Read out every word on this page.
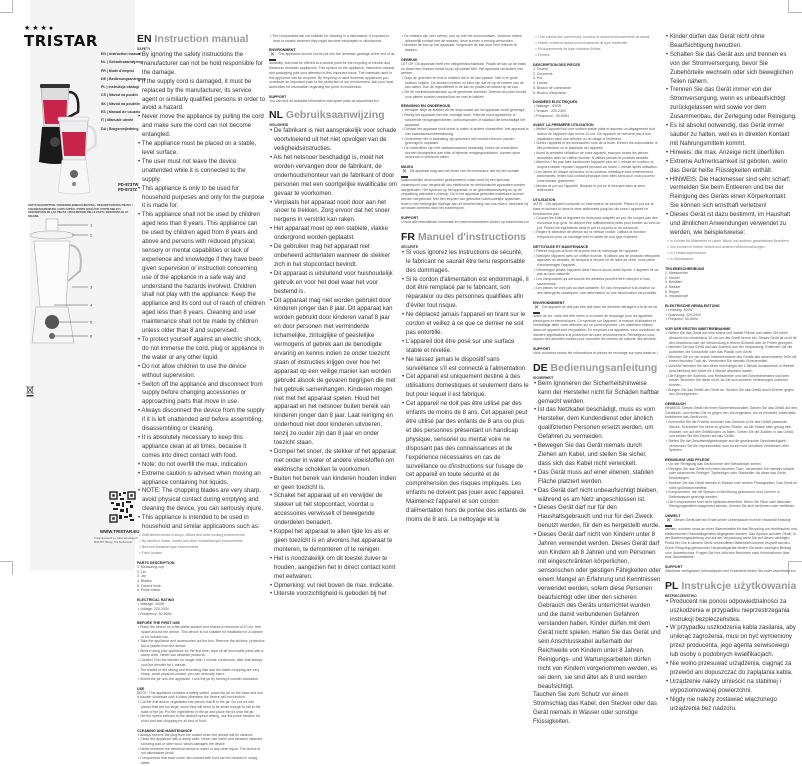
★★★●
TRISTAR
EN | Instruction manual
NL | Gebruiksaanwijzing
FR | Mode d'emploi
DE | Bedienungsanleitung
PL | Instrukcja obsługi
CS | Návod na použití
SK | Návod na použitie
ES | Manual de usuario
IT | Manuale utente
DA | Brugervejledning
PD-8737W
PD-8737Z
PARTS DESCRIPTION / ONDERDELENBESCHRIJVING / DESCRIPTION DES PIÈCES / TEILEBESCHREIBUNG / OPIS CZĘŚCI / POPIS SOUČÁSTÍ / POPIS DIELOV / DESCRIPCIÓN DE LAS PIEZAS / DESCRIZIONE DELLE PARTI / BESKRIVELSE AF DELENE
1
2
3
4
5
6
WWW.TRISTAR.EU
Tristar Europe B.V. | Jules Verneweg 87
5015 BH Tilburg | The Netherlands
EN Instruction manual
SAFETY
• By ignoring the safety instructions the manufacturer can not be hold responsible for the damage.
• If the supply cord is damaged, it must be replaced by the manufacturer, its service agent or similarly qualified persons in order to avoid a hazard.
• Never move the appliance by pulling the cord and make sure the cord can not become entangled.
• The appliance must be placed on a stable, level surface.
• The user must not leave the device unattended while it is connected to the supply.
• This appliance is only to be used for household purposes and only for the purpose it is made for.
• This appliance shall not be used by children aged less than 8 years. This appliance can be used by children aged from 8 years and above and persons with reduced physical, sensory or mental capabilities or lack of experience and knowledge if they have been given supervision or instruction concerning use of the appliance in a safe way and understand the hazards involved. Children shall not play with the appliance. Keep the appliance and its cord out of reach of children aged less than 8 years. Cleaning and user maintenance shall not be made by children unless older than 8 and supervised.
• To protect yourself against an electric shock, do not immerse the cord, plug or appliance in the water or any other liquid.
• Do not allow children to use the device without supervision.
• Switch off the appliance and disconnect from supply before changing accessories or approaching parts that move in use.
• Always disconnect the device from the supply if it is left unattended and before assembling, disassembling or cleaning.
• It is absolutely necessary to keep this appliance clean at all times, because it comes into direct contact with food.
• Note: do not overfill the max. indication
• Extreme caution is advised when moving an appliance containing hot liquids.
• NOTE: The chopping blades are very sharp, avoid physical contact during emptying and cleaning the device, you can seriously injure.
• This appliance is intended to be used in household and similar applications such as:
□ Staff kitchen areas in shops, offices and other working environments.
□ By clients in hotels, motels and other residential type environments.
□ Bed and breakfast type environments.
□ Farm houses.
PARTS DESCRIPTION
1. Measuring cup
2. Lid
3. Jar
4. Blades
5. Control knob
6. Pulse button
ELECTRICAL RATING
• Wattage: 400W
• Voltage: 220-240V
• Frequency: 50-60Hz
BEFORE THE FIRST USE
• Place the device on a flat stable surface and ensure a minimum of 10 cm. free space around the device. This device is not suitable for installation in a cabinet or for outside use.
• Take the appliance and accessories out the box. Remove the stickers, protective foil or plastic from the device.
• Before using your appliance for the first time, wipe off all removable parts with a damp cloth. Never use abrasive products.
• Caution! Run the blender no longer than 1 minute continuous, after that always cool the blender for 1 minute.
• The blades of the slicing and shredding disk and the blade chopping are very sharp, avoid physical contact, you can seriously injure.
• Mount the jar onto the appliance. Lock the jar by turning it counter clockwise.
USE
NOTE: This appliance contains a safety switch, place the jar on the base and turn it counter clockwise until it clicks otherwise the device will not function.
• Cut the fruit and/or vegetables into pieces that fit in the jar. Do not cut into pieces that are too large, since they will need to be small enough to fall to the base of the jar. Put the ingredients in the jar and place the lid onto the jar.
• Set the speed selector to the desired speed setting, use the pulse function for short and fast chopping for all kind of food.
CLEANING AND MAINTENANCE
• Always remove the plug from the socket when the device will be cleaned.
• Clean the appliance with a damp cloth. Never use harsh and abrasive cleaners, scouring pad or steel wool, which damages the device.
• Never immerse the electrical device in water or any other liquid. The device is not dishwasher proof.
• Components that have come into contact with food can be cleaned in soapy water.
• The components are not suitable for cleaning in a dishwasher. If exposed to heat or caustic cleaners they might become misshapen or discoloured.
ENVIRONMENT
✕ This appliance should not be put into the domestic garbage at the end of its durability, but must be offered at a central point for the recycling of electric and electronic domestic appliances. This symbol on the appliance, instruction manual and packaging puts your attention to this important issue. The materials used in this appliance can be recycled. By recycling of used domestic appliances you contribute an important push to the protection of our environment. Ask your local authorities for information regarding the point of recollection.
SUPPORT
You can find all available information and spare parts at www.tristar.eu!
NL Gebruiksaanwijzing
VEILIGHEID
• De fabrikant is niet aansprakelijk voor schade voortvloeiend uit het niet opvolgen van de veiligheidsinstructies.
• Als het netsnoer beschadigd is, moet het worden vervangen door de fabrikant, de onderhoudsmonteur van de fabrikant of door personen met een soortgelijke kwalificatie om gevaar te voorkomen.
• Verplaats het apparaat nooit door aan het snoer te trekken. Zorg ervoor dat het snoer nergens in verstrikt kan raken.
• Het apparaat moet op een stabiele, vlakke ondergrond worden geplaatst.
• De gebruiker mag het apparaat niet onbeheerd achterlaten wanneer de stekker zich in het stopcontact bevindt.
• Dit apparaat is uitsluitend voor huishoudelijk gebruik en voor het doel waar het voor bestemd is.
• Dit apparaat mag niet worden gebruikt door kinderen jonger dan 8 jaar. Dit apparaat kan worden gebruikt door kinderen vanaf 8 jaar en door personen met verminderde lichamelijke, zintuiglijke of geestelijke vermogens of gebrek aan de benodigde ervaring en kennis indien ze onder toezicht staan of instructies krijgen over hoe het apparaat op een veilige manier kan worden gebruikt alsook de gevaren begrijpen die met het gebruik samenhangen. Kinderen mogen niet met het apparaat spelen. Houd het apparaat en het netsnoer buiten bereik van kinderen jonger dan 8 jaar. Laat reiniging en onderhoud niet door kinderen uitvoeren, tenzij ze ouder zijn dan 8 jaar en onder toezicht staan.
• Dompel het snoer, de stekker of het apparaat niet onder in water of andere vloeistoffen om elektrische schokken te voorkomen.
• Buiten het bereik van kinderen houden indien er geen toezicht is.
• Schakel het apparaat uit en verwijder de stekker uit het stopcontact, voordat u accessoires verwisselt of bewegende onderdelen benadert.
• Koppel het apparaat te allen tijde los als er geen toezicht is en alvorens het apparaat te monteren, te demonteren of te reinigen.
• Het is noodzakelijk om dit toestel zuiver te houden, aangezien het in direct contact komt met eetwaren.
• Opmerking: vul niet boven de max. indicatie.
• Uiterste voorzichtigheid is geboden bij het
• De messen zijn zeer scherp, pas op met het schoonmaken. Voorkom iedere lichamelijk contact met de messen, deze kunnen u ernstig verwonden.
• Monteer de kan op het apparaat. Vergrendel de kan door hem linksom te draaien.
GEBRUIK
LET OP: Dit apparaat heeft een veiligheidsschakelaar. Plaats de kan op de basis en draai hem linksom totdat hij op zijn plaats klikt. Het apparaat zal anders niet werken.
• Snijd de groenten en fruit in stukken die in de kan passen. Niet in te grote stukken snijden. De stukken moeten zo klein zijn dat ze op de bodem van de kan vallen. Doe de ingrediënten in de kan en plaats het deksel op de kan.
• Zet de snelheidsschakelaar op de gewenste snelheid. Gebruik de pulse-functie voor allerlei soorten voedsel kort en snel te hakken.
REINIGING EN ONDERHOUD
• Verwijder altijd de stekker uit het stopcontact als het apparaat wordt gereinigd.
• Reinig het apparaat met een vochtige doek. Gebruik nooit agressieve of schurende reinigingsmiddelen, schuursponzen of staalwol die beschadigd het apparaat.
• Dompel het apparaat nooit onder in water of andere vloeistoffen. Het apparaat is niet vaatwasmachinebestendig.
• Onderdelen die in aanraking zijn gekomen met voedsel kunnen worden gereinigd in sopwater.
• De onderdelen zijn niet vaatwasmachine bestendig. Indien de onderdelen worden blootgesteld aan hitte of bijtende reinigingsmiddelen, kunnen deze vervormd of verkleurd raken.
MILIEU
✕ Dit apparaat mag aan het einde van de levensduur niet bij het normale huishoudelijke afval worden gedeponeerd, maar moet bij een speciaal inzamelpunt voor hergebruik van elektrische en elektronische apparaten worden aangeboden. Het symbool op het apparaat, in de gebruiksaanwijzing en op de verpakking attendeert u hierop. De in het apparaat gebruikte materialen kunnen worden hergebruikt. Met het recyclen van gebruikte huishoudelijke apparaten levert u een belangrijke bijdrage aan de bescherming van ons milieu. Informeer bij uw lokale overheid naar het inzamelpunt.
SUPPORT
U kunt alle beschikbare informatie en reserveonderdelen vinden op www.tristar.eu!
FR Manuel d'instructions
SÉCURITÉ
• Si vous ignorez les instructions de sécurité, le fabricant ne saurait être tenu responsable des dommages.
• Si le cordon d'alimentation est endommagé, il doit être remplacé par le fabricant, son réparateur ou des personnes qualifiées afin d'éviter tout risque.
• Ne déplacez jamais l'appareil en tirant sur le cordon et veillez à ce que ce dernier ne soit pas entortillé.
• L'appareil doit être posé sur une surface stable et nivelée.
• Ne laissez jamais le dispositif sans surveillance s'il est connecté à l'alimentation.
• Cet appareil est uniquement destiné à des utilisations domestiques et seulement dans le but pour lequel il est fabriqué.
• Cet appareil ne doit pas être utilisé par des enfants de moins de 8 ans. Cet appareil peut être utilisé par des enfants de 8 ans ou plus et des personnes présentant un handicap physique, sensoriel ou mental voire ne disposant pas des connaissances et de l'expérience nécessaires en cas de surveillance ou d'instructions sur l'usage de cet appareil en toute sécurité et de compréhension des risques impliqués. Les enfants ne doivent pas jouer avec l'appareil. Maintenez l'appareil et son cordon d'alimentation hors de portée des enfants de moins de 8 ans. Le nettoyage et la
□ Coin cuisine des commerces, bureaux et autres environnements de travail.
□ Hôtels, motels et autres environnements de type résidentiel.
□ Environnements de type chambre d'hôtes.
□ Fermes.
DESCRIPTION DES PIÈCES
1. Doseur
2. Couvercle
3. Pot
4. Lames
5. Bouton de commande
6. Bouton d'impulsion
DONNÉES ÉLECTRIQUES
• Wattage : 400W
• Tension : 220-240V
• Fréquence : 50-60Hz
AVANT LA PREMIÈRE UTILISATION
• Mettez l'appareil sur une surface stable plate et assurez un dégagement tout autour de l'appareil d'au moins 10 cm. Cet appareil ne convient pas à une installation dans une armoire ou un usage à l'extérieur.
• Sortez l'appareil et les accessoires hors de la boîte. Retirez les autocollants, le film protecteur ou le plastique de l'appareil.
• Avant la première utilisation de votre appareil, essuyez toutes les pièces amovibles avec un chiffon humide. N'utilisez jamais de produits abrasifs.
• Attention ! Ne pas faire fonctionner l'appareil plus de 1 minute en continu, et toujours laisser reposer l'appareil pendant au moins 1 minute après utilisation.
• Les lames du disque éplucheur et du couteau métallique sont extrêmement tranchantes, évitez tout contact physique avec elles sans quoi vous pourriez vous blesser gravement.
• Montez le pot sur l'appareil. Bloquez le pot en le tournant dans le sens antihoraire.
UTILISATION
NOTE : Cet appareil comporte un interrupteur de sécurité. Placez le pot sur la base et tournez-le dans le sens antihoraire jusqu'au clic sinon l'appareil ne fonctionnera pas.
• Coupez les fruits et légumes en morceaux adaptés au pot. Ne coupez pas des morceaux trop gros. Ils doivent être suffisamment petits pour tomber au fond du pot. Placez les ingrédients dans le pot et couvrez-le du couvercle.
• Réglez le sélecteur de vitesse sur la vitesse voulue. Utilisez la fonction d'impulsion pour un hachage bref et rapide de tout type d'aliment.
NETTOYAGE ET MAINTENANCE
• Retirez toujours la fiche de la prise lors du nettoyage de l'appareil.
• Nettoyez l'appareil avec un chiffon humide. N'utilisez pas de produits nettoyants agressifs ou abrasifs, de tampons à récurer ou de laine de verre, sous peine d'endommager l'appareil.
• N'immergez jamais l'appareil dans l'eau ni aucun autre liquide. L'appareil ne va pas au lave-vaisselle.
• Les composants qui ont touché les aliments peuvent être nettoyés à l'eau savonneuse.
• Les pièces ne vont pas au lave-vaisselle. En cas d'exposition à la chaleur ou des détergents caustiques, une déformation ou une décoloration est possible.
ENVIRONNEMENT
✕ Cet appareil ne doit pas être jeté avec les déchets ménagers à la fin de sa durée de vie, mais doit être remis à un centre de recyclage pour les appareils électriques et électroniques. Ce symbole sur l'appareil, le manuel d'utilisation et l'emballage attire votre attention sur ce point important. Les matériaux utilisés dans cet appareil sont recyclables. En recyclant vos appareils, vous contribuez de manière significative à la protection de notre environnement. Renseignez-vous auprès des autorités locales pour connaître les centres de collecte des déchets.
SUPPORT
Vous trouverez toutes les informations et pièces de rechange sur www.tristar.eu !
DE Bedienungsanleitung
SICHERHEIT
• Beim Ignorieren der Sicherheitshinweise kann der Hersteller nicht für Schäden haftbar gemacht werden.
• Ist das Netzkabel beschädigt, muss es vom Hersteller, dem Kundendienst oder ähnlich qualifizierten Personen ersetzt werden, um Gefahren zu vermeiden.
• Bewegen Sie das Gerät niemals durch Ziehen am Kabel, und stellen Sie sicher, dass sich das Kabel nicht verwickelt.
• Das Gerät muss auf einer ebenen, stabilen Fläche platziert werden.
• Das Gerät darf nicht unbeaufsichtigt bleiben, während es am Netz angeschlossen ist.
• Dieses Gerät darf nur für den Haushaltsgebrauch und nur für den Zweck benutzt werden, für den es hergestellt wurde.
• Dieses Gerät darf nicht von Kindern unter 8 Jahren verwendet werden. Dieses Gerät darf von Kindern ab 8 Jahren und von Personen mit eingeschränkten körperlichen, sensorischen oder geistigen Fähigkeiten oder einem Mangel an Erfahrung und Kenntnissen verwendet werden, sofern diese Personen beaufsichtigt oder über den sicheren Gebrauch des Geräts unterrichtet wurden und die damit verbundenen Gefahren verstanden haben. Kinder dürfen mit dem Gerät nicht spielen. Halten Sie das Gerät und sein Anschlusskabel außerhalb der Reichweite von Kindern unter 8 Jahren. Reinigungs- und Wartungsarbeiten dürfen nicht von Kindern vorgenommen werden, es sei denn, sie sind älter als 8 und werden beaufsichtigt.
Tauchen Sie zum Schutz vor einem Stromschlag das Kabel, den Stecker oder das Gerät niemals in Wasser oder sonstige Flüssigkeiten.
• Kinder dürfen das Gerät nicht ohne Beaufsichtigung benutzen.
• Schalten Sie das Gerät aus und trennen es von der Stromversorgung, bevor Sie Zubehörteile wechseln oder sich beweglichen Teilen nähern.
• Trennen Sie das Gerät immer von der Stromversorgung, wenn es unbeaufsichtigt zurückgelassen wird sowie vor dem Zusammenbau, der Zerlegung oder Reinigung.
• Es ist absolut notwendig, das Gerät immer sauber zu halten, weil es in direkten Kontakt mit Nahrungsmitteln kommt.
• Hinweis: die max. Anzeige nicht überfüllen
• Extreme Aufmerksamkeit ist geboten, wenn das Gerät heiße Flüssigkeiten enthält.
• HINWEIS: Die Hackmesser sind sehr scharf; vermeiden Sie beim Entleeren und bei der Reinigung des Geräts einen Körperkontakt. Sie können sich ernsthaft verletzen!
• Dieses Gerät ist dazu bestimmt, im Haushalt und ähnlichen Anwendungen verwendet zu werden, wie beispielsweise:
□ In Küchen für Mitarbeiter in Läden, Büros und anderen gewerblichen Bereichen.
□ Von Kunden in Hotels, Motels und anderen Wohneinrichtungen.
□ In Frühstückspensionen.
□ In Gutshäusern.
TEILEBESCHREIBUNG
1. Messbecher
2. Deckel
3. Behälter
4. Messer
5. Regler
6. Impulsknopf
ELEKTRISCHE NENNLEISTUNG
• Leistung: 400W
• Spannung: 220-240V
• Frequenz: 50-60Hz
VOR DER ERSTEN INBETRIEBNAHME
• Stellen Sie das Gerät auf eine ebene und stabile Fläche und halten Sie einen Abstand von mindestens 10 cm um das Gerät herum ein. Dieses Gerät ist nicht für den Anschluss oder die Verwendung in einem Schrank oder im Freien geeignet.
• Nehmen Sie das Gerät und das Zubehör aus der Verpackung. Entfernen Sie die Aufkleber, die Schutzfolie oder das Plastik vom Gerät.
• Wischen Sie vor der ersten Inbetriebnahme des Geräts alle abnehmbaren Teile mit einem feuchten Tuch ab. Verwenden Sie niemals Scheuermittel.
• Vorsicht! Nehmen Sie den Mixer nicht länger als 1 Minute kontinuierlich in Betrieb. Anschließend den Mixer für 1 Minute abkühlen lassen.
• Die Klingen der Schneid- und Reibscheibe und des Schneidmessers sind sehr scharf. Berühren Sie diese nicht, da Sie sich schwere Verletzungen zuziehen können.
• Bringen Sie das Gefäß am Gerät an. Sichern Sie das Gefäß durch Drehen gegen den Uhrzeigersinn.
GEBRAUCH
HINWEIS: Dieses Gerät hat einen Sicherheitsschalter. Setzen Sie das Gefäß auf den Gerätefuß, und drehen Sie es gegen den Uhrzeigersinn, bis es einrastet; andernfalls funktioniert das Gerät nicht.
• Schneiden Sie die Früchte und/oder das Gemüse in für das Gefäß passende Stücke. Schneiden Sie keine zu großen Stücke, da die Stücke klein genug sein müssen, um auf den Gefäßboden zu fallen. Geben Sie die Zutaten in das Gefäß und setzen Sie den Deckel auf das Gefäß.
• Stellen Sie die Geschwindigkeitsregler auf die gewünschte Geschwindigkeit; verwenden Sie die Impulsfunktion zum kurzen und schnellen Zerkleinern aller Speisen.
REINIGUNG UND PFLEGE
• Vor der Reinigung das Gerät immer den Netzstecker ziehen.
• Reinigen Sie das Gerät mit einem feuchten Tuch. Verwenden Sie niemals scharfe oder scheuernde Reiniger, Topfreiniger oder Stahlwolle, da diese das Gerät beschädigen.
• Tauchen Sie das Gerät niemals in Wasser oder andere Flüssigkeiten. Das Gerät ist nicht spülmaschinenfest.
• Komponenten, die mit Speisen in Berührung gekommen sind, können in Seifenwasser gereinigt werden.
• Die Komponenten sind nicht spülmaschinenfest. Wenn Sie Hitze oder ätzenden Reinigungsmitteln ausgesetzt werden, können Sie sich verformen oder verfärben.
UMWELT
✕ Dieses Gerät darf am Ende seiner Lebensdauer nicht im Hausmüll entsorgt werden, sondern muss an einer Sammelstelle für das Recycling von elektrischen und elektronischen Haushaltsgeräten abgegeben werden. Das Symbol auf dem Gerät, in der Bedienungsanleitung und auf der Verpackung weist Sie auf diesen wichtigen Punkt hin. Die in diesem Gerät verwendeten Materialien können recycelt werden. Durch Recycling gebrauchter Haushaltsgeräte leisten Sie einen wichtigen Beitrag zum Umweltschutz. Fragen Sie Ihre örtlichen Behörden nach Informationen über eine Sammelstelle.
SUPPORT
Sämtliche verfügbaren Informationen und Ersatzteile finden Sie unter www.tristar.eu!
PL Instrukcje użytkowania
BEZPIECZEŃSTWO
• Producent nie ponosi odpowiedzialności za uszkodzenia w przypadku nieprzestrzegania instrukcji bezpieczeństwa.
• W przypadku uszkodzenia kabla zasilania, aby uniknąć zagrożenia, musi on być wymieniony przez producenta, jego agenta serwisowego lub osoby o podobnych kwalifikacjach.
• Nie wolno przesuwać urządzenia, ciągnąć za przewód ani dopuszczać do zaplątania kabla.
• Urządzenie należy umieścić na stabilnej i wypoziomowanej powierzchni.
• Nigdy nie należy zostawiać włączonego urządzenia bez nadzoru.
